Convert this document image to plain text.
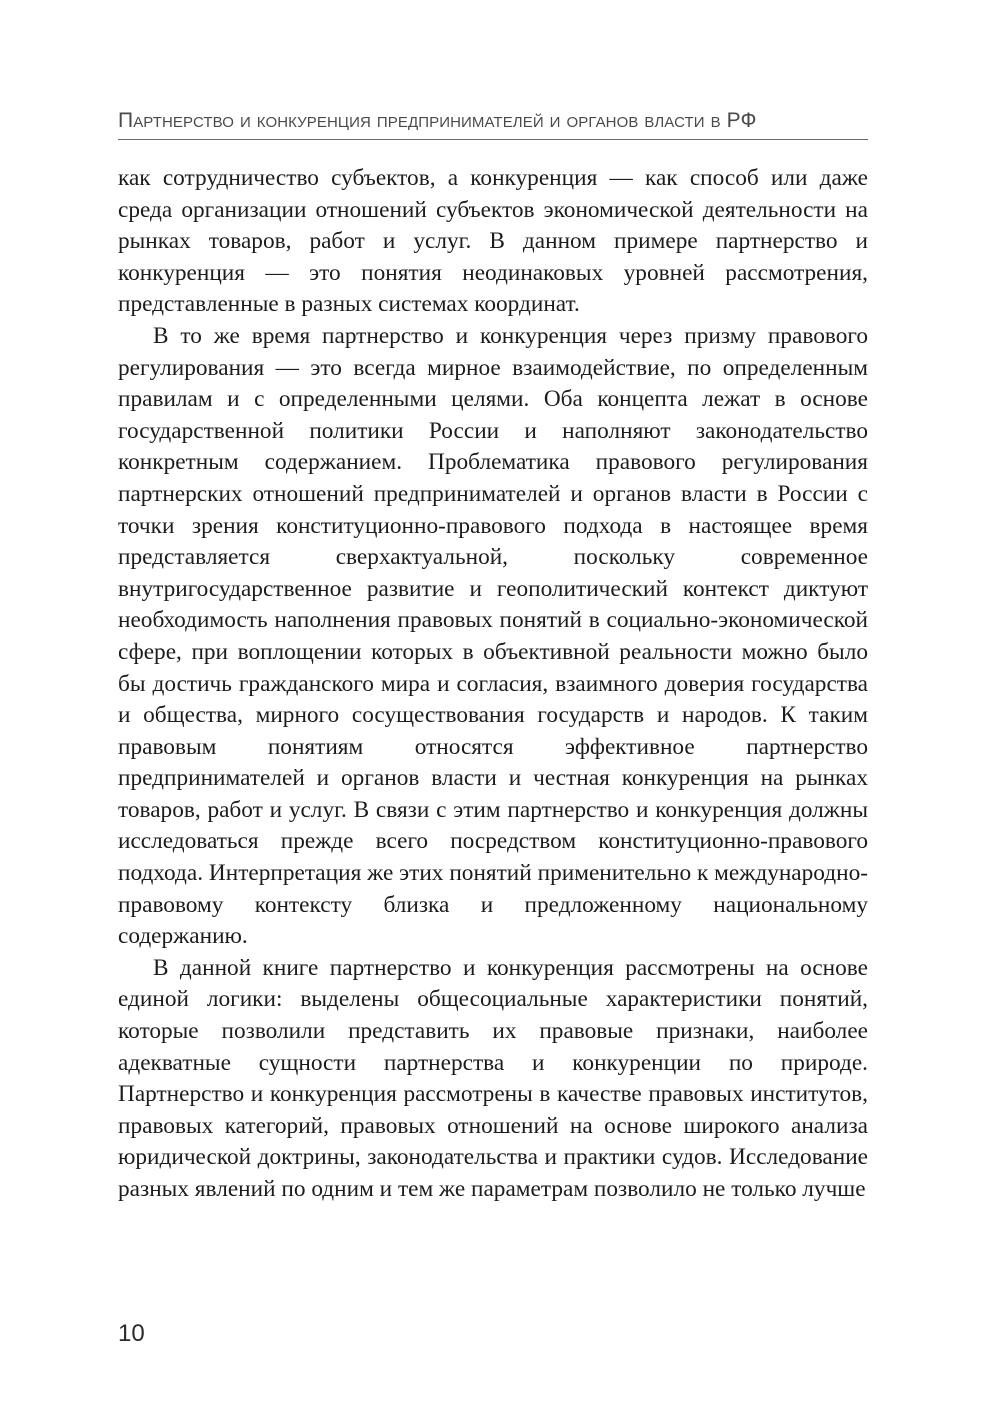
Партнерство и конкуренция предпринимателей и органов власти в РФ

как сотрудничество субъектов, а конкуренция — как способ или даже среда организации отношений субъектов экономической деятельности на рынках товаров, работ и услуг. В данном примере партнерство и конкуренция — это понятия неодинаковых уровней рассмотрения, представленные в разных системах координат.

В то же время партнерство и конкуренция через призму правового регулирования — это всегда мирное взаимодействие, по определенным правилам и с определенными целями. Оба концепта лежат в основе государственной политики России и наполняют законодательство конкретным содержанием. Проблематика правового регулирования партнерских отношений предпринимателей и органов власти в России с точки зрения конституционно-правового подхода в настоящее время представляется сверхактуальной, поскольку современное внутригосударственное развитие и геополитический контекст диктуют необходимость наполнения правовых понятий в социально-экономической сфере, при воплощении которых в объективной реальности можно было бы достичь гражданского мира и согласия, взаимного доверия государства и общества, мирного сосуществования государств и народов. К таким правовым понятиям относятся эффективное партнерство предпринимателей и органов власти и честная конкуренция на рынках товаров, работ и услуг. В связи с этим партнерство и конкуренция должны исследоваться прежде всего посредством конституционно-правового подхода. Интерпретация же этих понятий применительно к международно-правовому контексту близка и предложенному национальному содержанию.

В данной книге партнерство и конкуренция рассмотрены на основе единой логики: выделены общесоциальные характеристики понятий, которые позволили представить их правовые признаки, наиболее адекватные сущности партнерства и конкуренции по природе. Партнерство и конкуренция рассмотрены в качестве правовых институтов, правовых категорий, правовых отношений на основе широкого анализа юридической доктрины, законодательства и практики судов. Исследование разных явлений по одним и тем же параметрам позволило не только лучше

10
